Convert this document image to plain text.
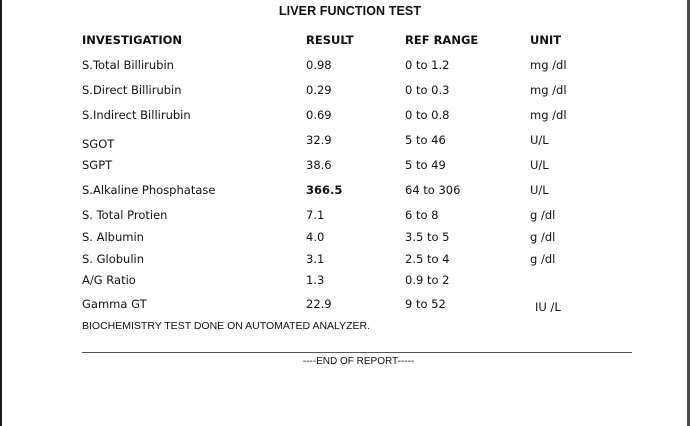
LIVER FUNCTION TEST
INVESTIGATION	RESULT	REF RANGE	UNIT
S.Total Billirubin	0.98	0 to 1.2	mg /dl
S.Direct Billirubin	0.29	0 to 0.3	mg /dl
S.Indirect Billirubin	0.69	0 to 0.8	mg /dl
SGOT	32.9	5 to 46	U/L
SGPT	38.6	5 to 49	U/L
S.Alkaline Phosphatase	366.5	64 to 306	U/L
S. Total Protien	7.1	6 to 8	g /dl
S. Albumin	4.0	3.5 to 5	g /dl
S. Globulin	3.1	2.5 to 4	g /dl
A/G Ratio	1.3	0.9 to 2
Gamma GT	22.9	9 to 52	IU /L
BIOCHEMISTRY TEST DONE ON AUTOMATED ANALYZER.
----END OF REPORT-----
